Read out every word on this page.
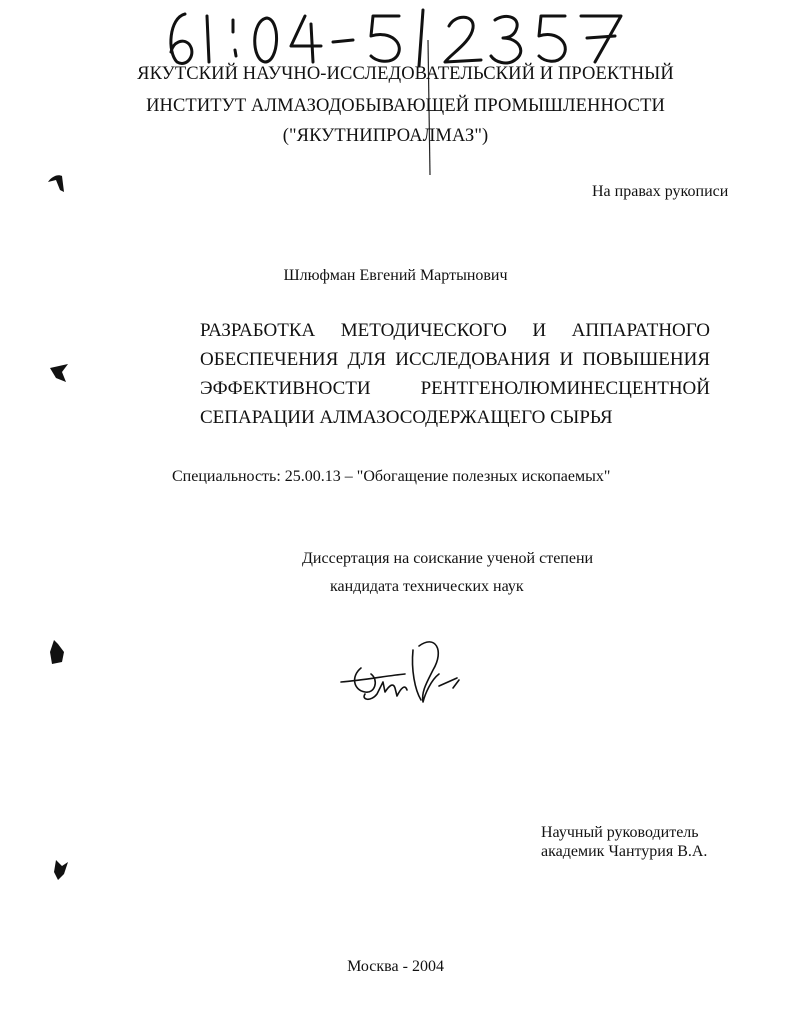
ЯКУТСКИЙ НАУЧНО-ИССЛЕДОВАТЕЛЬСКИЙ И ПРОЕКТНЫЙ
ИНСТИТУТ АЛМАЗОДОБЫВАЮЩЕЙ ПРОМЫШЛЕННОСТИ
("ЯКУТНИПРОАЛМАЗ")
На правах рукописи
Шлюфман Евгений Мартынович
РАЗРАБОТКА МЕТОДИЧЕСКОГО И АППАРАТНОГО
ОБЕСПЕЧЕНИЯ ДЛЯ ИССЛЕДОВАНИЯ И ПОВЫШЕНИЯ
ЭФФЕКТИВНОСТИ РЕНТГЕНОЛЮМИНЕСЦЕНТНОЙ
СЕПАРАЦИИ АЛМАЗОСОДЕРЖАЩЕГО СЫРЬЯ
Специальность: 25.00.13 – "Обогащение полезных ископаемых"
Диссертация на соискание ученой степени
кандидата технических наук
Научный руководитель
академик Чантурия В.А.
Москва - 2004
